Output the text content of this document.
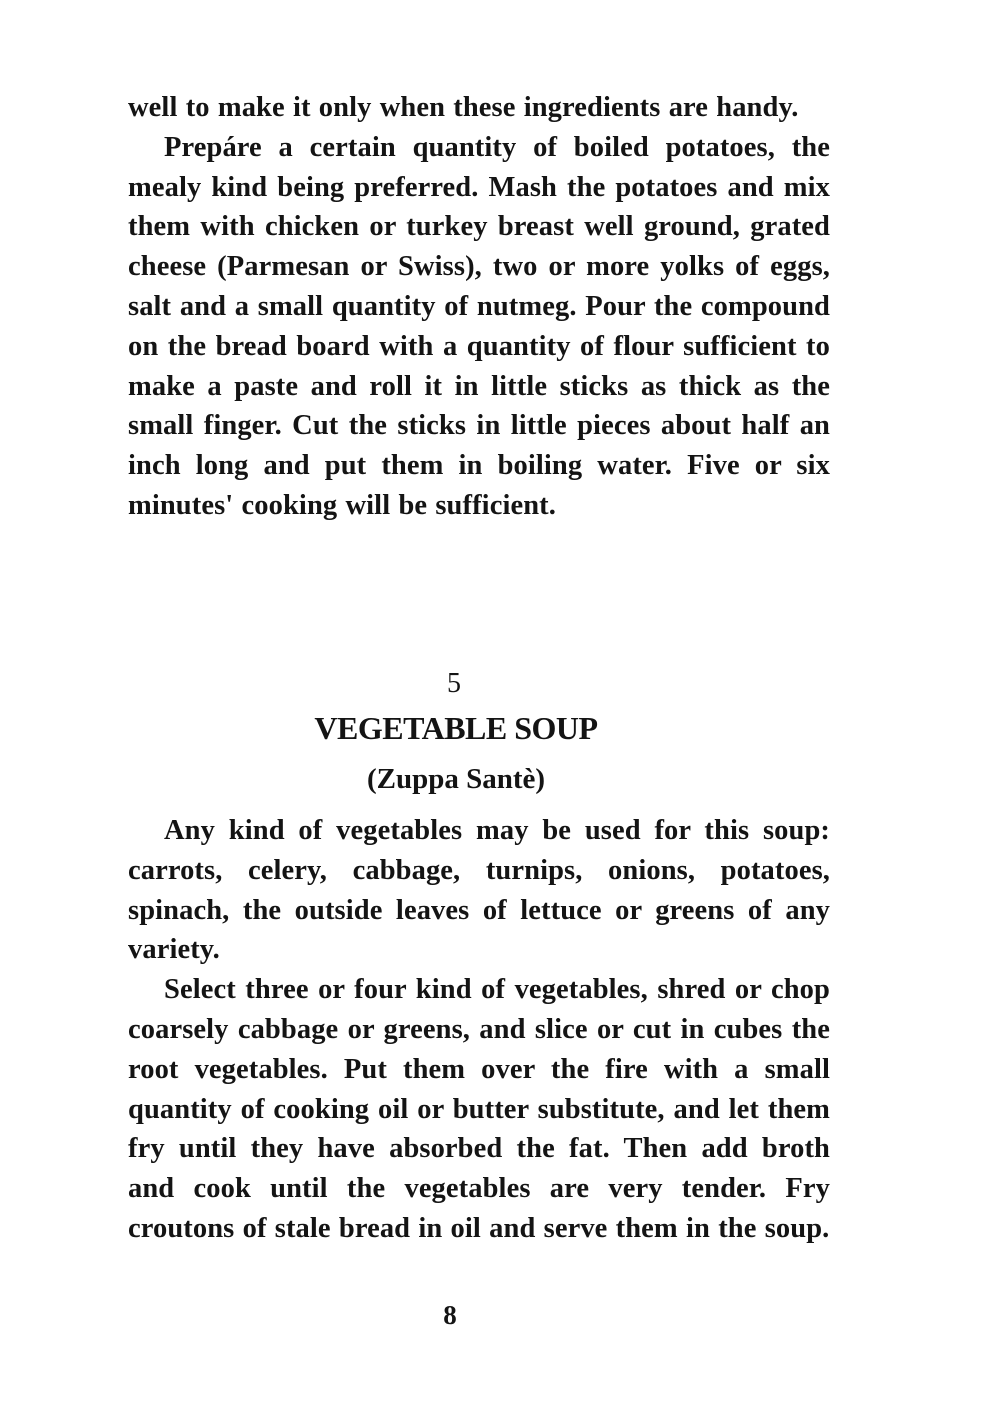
well to make it only when these ingredients are handy.

Prepáre a certain quantity of boiled potatoes, the mealy kind being preferred. Mash the potatoes and mix them with chicken or turkey breast well ground, grated cheese (Parmesan or Swiss), two or more yolks of eggs, salt and a small quantity of nutmeg. Pour the compound on the bread board with a quantity of flour sufficient to make a paste and roll it in little sticks as thick as the small finger. Cut the sticks in little pieces about half an inch long and put them in boiling water. Five or six minutes' cooking will be sufficient.

5
VEGETABLE SOUP
(Zuppa Santè)

Any kind of vegetables may be used for this soup: carrots, celery, cabbage, turnips, onions, potatoes, spinach, the outside leaves of lettuce or greens of any variety.

Select three or four kind of vegetables, shred or chop coarsely cabbage or greens, and slice or cut in cubes the root vegetables. Put them over the fire with a small quantity of cooking oil or butter substitute, and let them fry until they have absorbed the fat. Then add broth and cook until the vegetables are very tender. Fry croutons of stale bread in oil and serve them in the soup.

8
